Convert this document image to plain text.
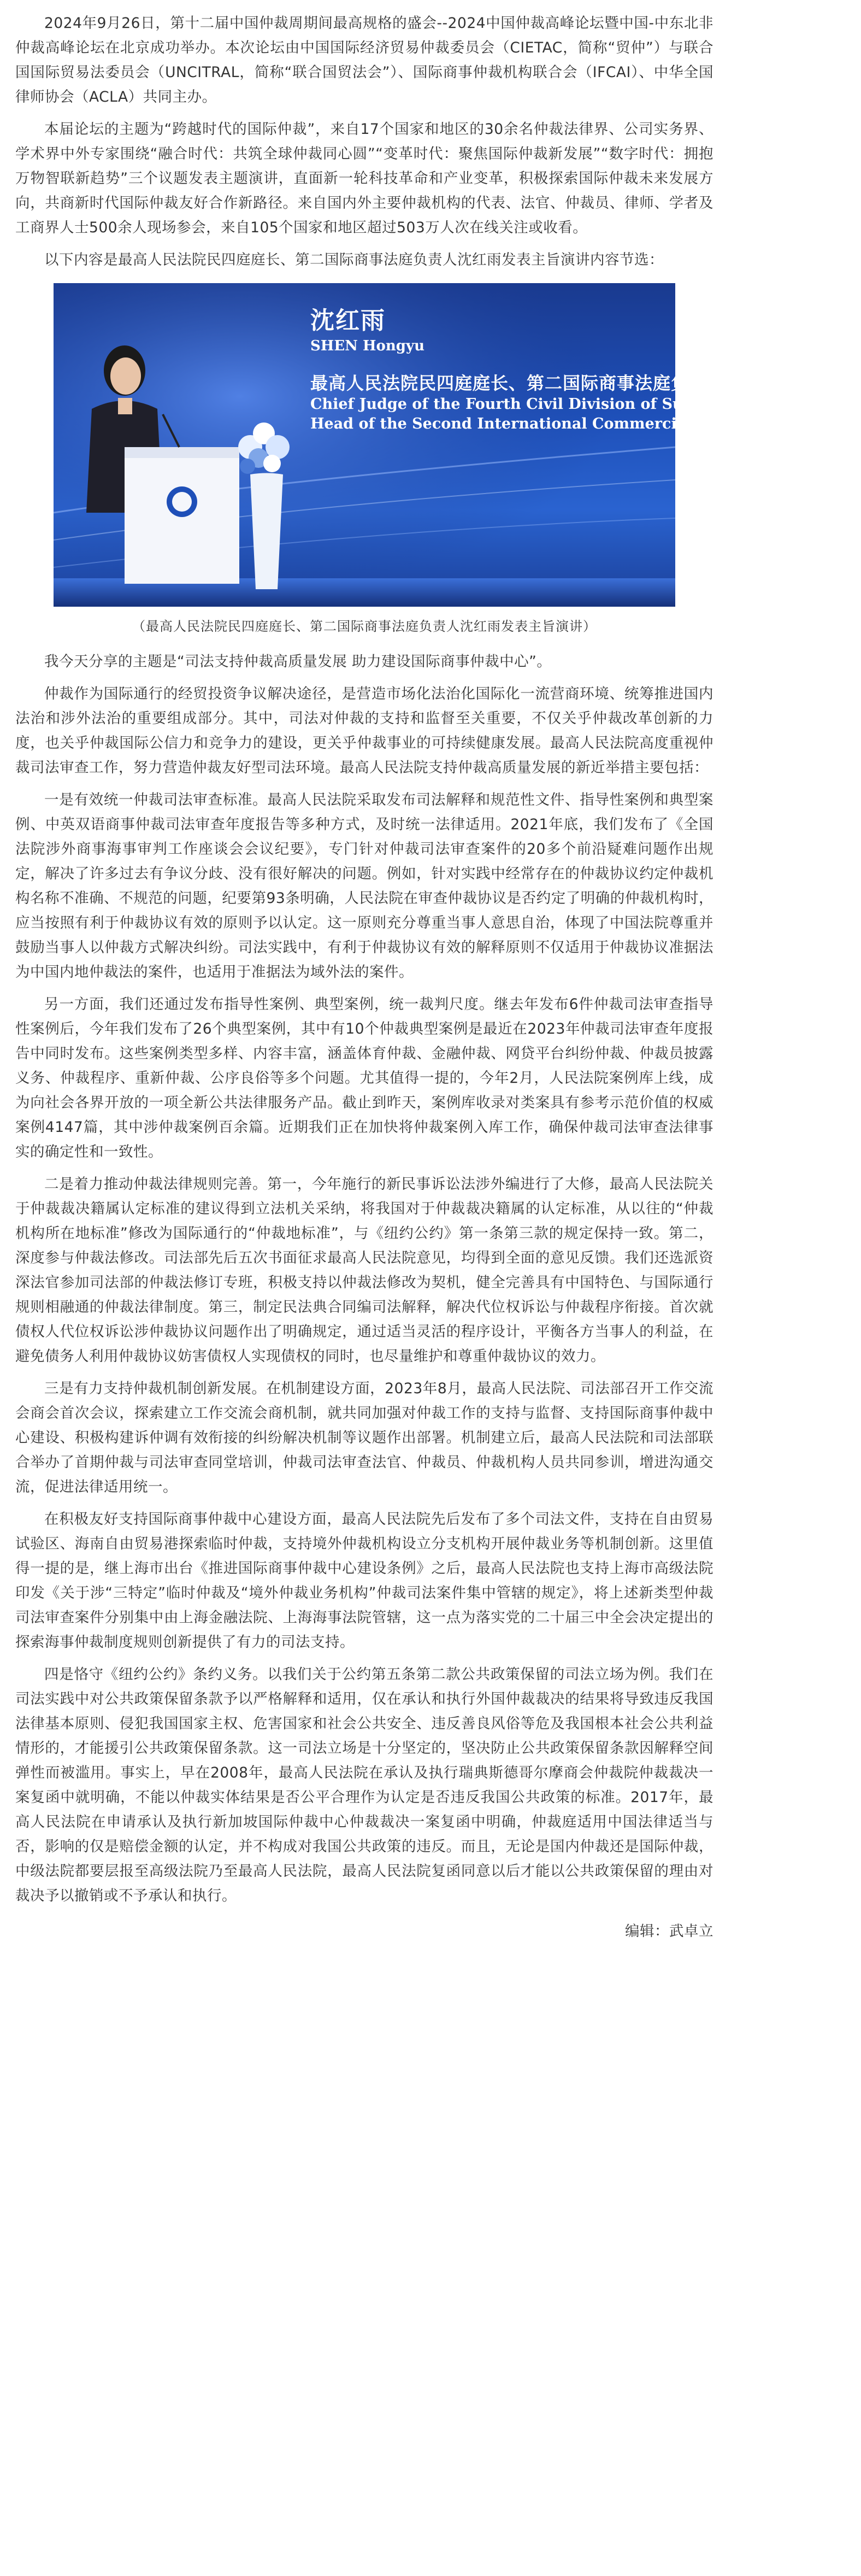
2024年9月26日，第十二届中国仲裁周期间最高规格的盛会--2024中国仲裁高峰论坛暨中国-中东北非仲裁高峰论坛在北京成功举办。本次论坛由中国国际经济贸易仲裁委员会（CIETAC，简称“贸仲”）与联合国国际贸易法委员会（UNCITRAL，简称“联合国贸法会”）、国际商事仲裁机构联合会（IFCAI）、中华全国律师协会（ACLA）共同主办。

本届论坛的主题为“跨越时代的国际仲裁”，来自17个国家和地区的30余名仲裁法律界、公司实务界、学术界中外专家围绕“融合时代：共筑全球仲裁同心圆”“变革时代：聚焦国际仲裁新发展”“数字时代：拥抱万物智联新趋势”三个议题发表主题演讲，直面新一轮科技革命和产业变革，积极探索国际仲裁未来发展方向，共商新时代国际仲裁友好合作新路径。来自国内外主要仲裁机构的代表、法官、仲裁员、律师、学者及工商界人士500余人现场参会，来自105个国家和地区超过503万人次在线关注或收看。

以下内容是最高人民法院民四庭庭长、第二国际商事法庭负责人沈红雨发表主旨演讲内容节选：

沈红雨
SHEN Hongyu
最高人民法院民四庭庭长、第二国际商事法庭负责人
Chief Judge of the Fourth Civil Division of Supreme People's Court
Head of the Second International Commercial Court
（最高人民法院民四庭庭长、第二国际商事法庭负责人沈红雨发表主旨演讲）

我今天分享的主题是“司法支持仲裁高质量发展 助力建设国际商事仲裁中心”。

仲裁作为国际通行的经贸投资争议解决途径，是营造市场化法治化国际化一流营商环境、统筹推进国内法治和涉外法治的重要组成部分。其中，司法对仲裁的支持和监督至关重要，不仅关乎仲裁改革创新的力度，也关乎仲裁国际公信力和竞争力的建设，更关乎仲裁事业的可持续健康发展。最高人民法院高度重视仲裁司法审查工作，努力营造仲裁友好型司法环境。最高人民法院支持仲裁高质量发展的新近举措主要包括：

一是有效统一仲裁司法审查标准。最高人民法院采取发布司法解释和规范性文件、指导性案例和典型案例、中英双语商事仲裁司法审查年度报告等多种方式，及时统一法律适用。2021年底，我们发布了《全国法院涉外商事海事审判工作座谈会会议纪要》，专门针对仲裁司法审查案件的20多个前沿疑难问题作出规定，解决了许多过去有争议分歧、没有很好解决的问题。例如，针对实践中经常存在的仲裁协议约定仲裁机构名称不准确、不规范的问题，纪要第93条明确，人民法院在审查仲裁协议是否约定了明确的仲裁机构时，应当按照有利于仲裁协议有效的原则予以认定。这一原则充分尊重当事人意思自治，体现了中国法院尊重并鼓励当事人以仲裁方式解决纠纷。司法实践中，有利于仲裁协议有效的解释原则不仅适用于仲裁协议准据法为中国内地仲裁法的案件，也适用于准据法为域外法的案件。

另一方面，我们还通过发布指导性案例、典型案例，统一裁判尺度。继去年发布6件仲裁司法审查指导性案例后，今年我们发布了26个典型案例，其中有10个仲裁典型案例是最近在2023年仲裁司法审查年度报告中同时发布。这些案例类型多样、内容丰富，涵盖体育仲裁、金融仲裁、网贷平台纠纷仲裁、仲裁员披露义务、仲裁程序、重新仲裁、公序良俗等多个问题。尤其值得一提的，今年2月，人民法院案例库上线，成为向社会各界开放的一项全新公共法律服务产品。截止到昨天，案例库收录对类案具有参考示范价值的权威案例4147篇，其中涉仲裁案例百余篇。近期我们正在加快将仲裁案例入库工作，确保仲裁司法审查法律事实的确定性和一致性。

二是着力推动仲裁法律规则完善。第一，今年施行的新民事诉讼法涉外编进行了大修，最高人民法院关于仲裁裁决籍属认定标准的建议得到立法机关采纳，将我国对于仲裁裁决籍属的认定标准，从以往的“仲裁机构所在地标准”修改为国际通行的“仲裁地标准”，与《纽约公约》第一条第三款的规定保持一致。第二，深度参与仲裁法修改。司法部先后五次书面征求最高人民法院意见，均得到全面的意见反馈。我们还选派资深法官参加司法部的仲裁法修订专班，积极支持以仲裁法修改为契机，健全完善具有中国特色、与国际通行规则相融通的仲裁法律制度。第三，制定民法典合同编司法解释，解决代位权诉讼与仲裁程序衔接。首次就债权人代位权诉讼涉仲裁协议问题作出了明确规定，通过适当灵活的程序设计，平衡各方当事人的利益，在避免债务人利用仲裁协议妨害债权人实现债权的同时，也尽量维护和尊重仲裁协议的效力。

三是有力支持仲裁机制创新发展。在机制建设方面，2023年8月，最高人民法院、司法部召开工作交流会商会首次会议，探索建立工作交流会商机制，就共同加强对仲裁工作的支持与监督、支持国际商事仲裁中心建设、积极构建诉仲调有效衔接的纠纷解决机制等议题作出部署。机制建立后，最高人民法院和司法部联合举办了首期仲裁与司法审查同堂培训，仲裁司法审查法官、仲裁员、仲裁机构人员共同参训，增进沟通交流，促进法律适用统一。

在积极友好支持国际商事仲裁中心建设方面，最高人民法院先后发布了多个司法文件，支持在自由贸易试验区、海南自由贸易港探索临时仲裁，支持境外仲裁机构设立分支机构开展仲裁业务等机制创新。这里值得一提的是，继上海市出台《推进国际商事仲裁中心建设条例》之后，最高人民法院也支持上海市高级法院印发《关于涉“三特定”临时仲裁及“境外仲裁业务机构”仲裁司法案件集中管辖的规定》，将上述新类型仲裁司法审查案件分别集中由上海金融法院、上海海事法院管辖，这一点为落实党的二十届三中全会决定提出的探索海事仲裁制度规则创新提供了有力的司法支持。

四是恪守《纽约公约》条约义务。以我们关于公约第五条第二款公共政策保留的司法立场为例。我们在司法实践中对公共政策保留条款予以严格解释和适用，仅在承认和执行外国仲裁裁决的结果将导致违反我国法律基本原则、侵犯我国国家主权、危害国家和社会公共安全、违反善良风俗等危及我国根本社会公共利益情形的，才能援引公共政策保留条款。这一司法立场是十分坚定的，坚决防止公共政策保留条款因解释空间弹性而被滥用。事实上，早在2008年，最高人民法院在承认及执行瑞典斯德哥尔摩商会仲裁院仲裁裁决一案复函中就明确，不能以仲裁实体结果是否公平合理作为认定是否违反我国公共政策的标准。2017年，最高人民法院在申请承认及执行新加坡国际仲裁中心仲裁裁决一案复函中明确，仲裁庭适用中国法律适当与否，影响的仅是赔偿金额的认定，并不构成对我国公共政策的违反。而且，无论是国内仲裁还是国际仲裁，中级法院都要层报至高级法院乃至最高人民法院，最高人民法院复函同意以后才能以公共政策保留的理由对裁决予以撤销或不予承认和执行。

编辑：武卓立
